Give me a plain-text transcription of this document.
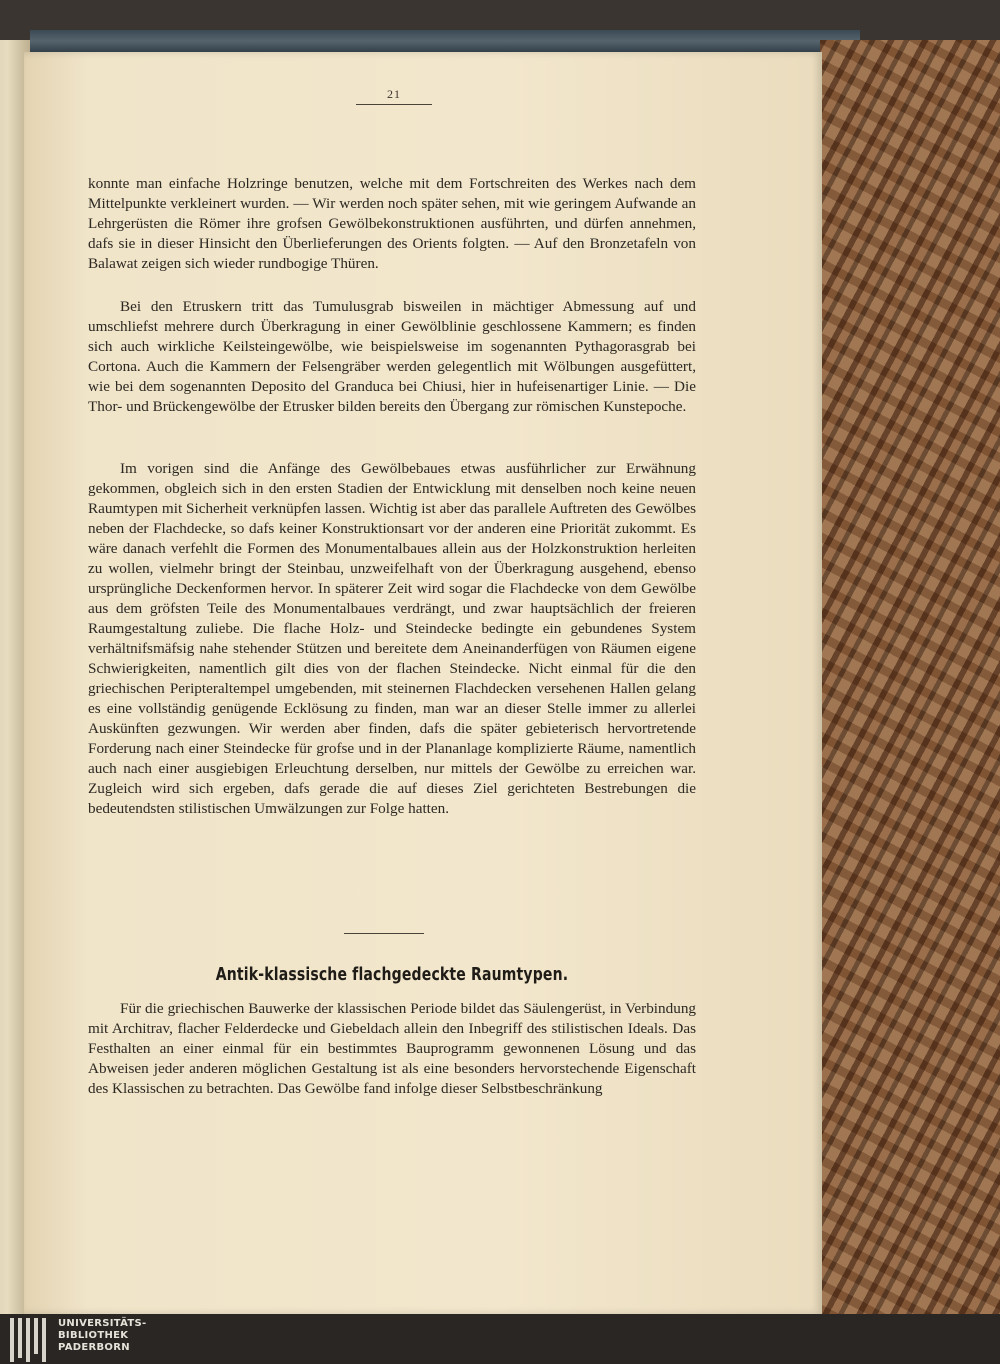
21

konnte man einfache Holzringe benutzen, welche mit dem Fortschreiten des Werkes nach dem Mittelpunkte verkleinert wurden. — Wir werden noch später sehen, mit wie geringem Aufwande an Lehrgerüsten die Römer ihre grofsen Gewölbekonstruktionen ausführten, und dürfen annehmen, dafs sie in dieser Hinsicht den Überlieferungen des Orients folgten. — Auf den Bronzetafeln von Balawat zeigen sich wieder rundbogige Thüren.

Bei den Etruskern tritt das Tumulusgrab bisweilen in mächtiger Abmessung auf und umschliefst mehrere durch Überkragung in einer Gewölblinie geschlossene Kammern; es finden sich auch wirkliche Keilsteingewölbe, wie beispielsweise im sogenannten Pythagorasgrab bei Cortona. Auch die Kammern der Felsengräber werden gelegentlich mit Wölbungen ausgefüttert, wie bei dem sogenannten Deposito del Granduca bei Chiusi, hier in hufeisenartiger Linie. — Die Thor- und Brückengewölbe der Etrusker bilden bereits den Übergang zur römischen Kunstepoche.

Im vorigen sind die Anfänge des Gewölbebaues etwas ausführlicher zur Erwähnung gekommen, obgleich sich in den ersten Stadien der Entwicklung mit denselben noch keine neuen Raumtypen mit Sicherheit verknüpfen lassen. Wichtig ist aber das parallele Auftreten des Gewölbes neben der Flachdecke, so dafs keiner Konstruktionsart vor der anderen eine Priorität zukommt. Es wäre danach verfehlt die Formen des Monumentalbaues allein aus der Holzkonstruktion herleiten zu wollen, vielmehr bringt der Steinbau, unzweifelhaft von der Überkragung ausgehend, ebenso ursprüngliche Deckenformen hervor. In späterer Zeit wird sogar die Flachdecke von dem Gewölbe aus dem gröfsten Teile des Monumentalbaues verdrängt, und zwar hauptsächlich der freieren Raumgestaltung zuliebe. Die flache Holz- und Steindecke bedingte ein gebundenes System verhältnifsmäfsig nahe stehender Stützen und bereitete dem Aneinanderfügen von Räumen eigene Schwierigkeiten, namentlich gilt dies von der flachen Steindecke. Nicht einmal für die den griechischen Peripteraltempel umgebenden, mit steinernen Flachdecken versehenen Hallen gelang es eine vollständig genügende Ecklösung zu finden, man war an dieser Stelle immer zu allerlei Auskünften gezwungen. Wir werden aber finden, dafs die später gebieterisch hervortretende Forderung nach einer Steindecke für grofse und in der Plananlage komplizierte Räume, namentlich auch nach einer ausgiebigen Erleuchtung derselben, nur mittels der Gewölbe zu erreichen war. Zugleich wird sich ergeben, dafs gerade die auf dieses Ziel gerichteten Bestrebungen die bedeutendsten stilistischen Umwälzungen zur Folge hatten.

Antik-klassische flachgedeckte Raumtypen.

Für die griechischen Bauwerke der klassischen Periode bildet das Säulengerüst, in Verbindung mit Architrav, flacher Felderdecke und Giebeldach allein den Inbegriff des stilistischen Ideals. Das Festhalten an einer einmal für ein bestimmtes Bauprogramm gewonnenen Lösung und das Abweisen jeder anderen möglichen Gestaltung ist als eine besonders hervorstechende Eigenschaft des Klassischen zu betrachten. Das Gewölbe fand infolge dieser Selbstbeschränkung

UNIVERSITÄTS-
BIBLIOTHEK
PADERBORN
